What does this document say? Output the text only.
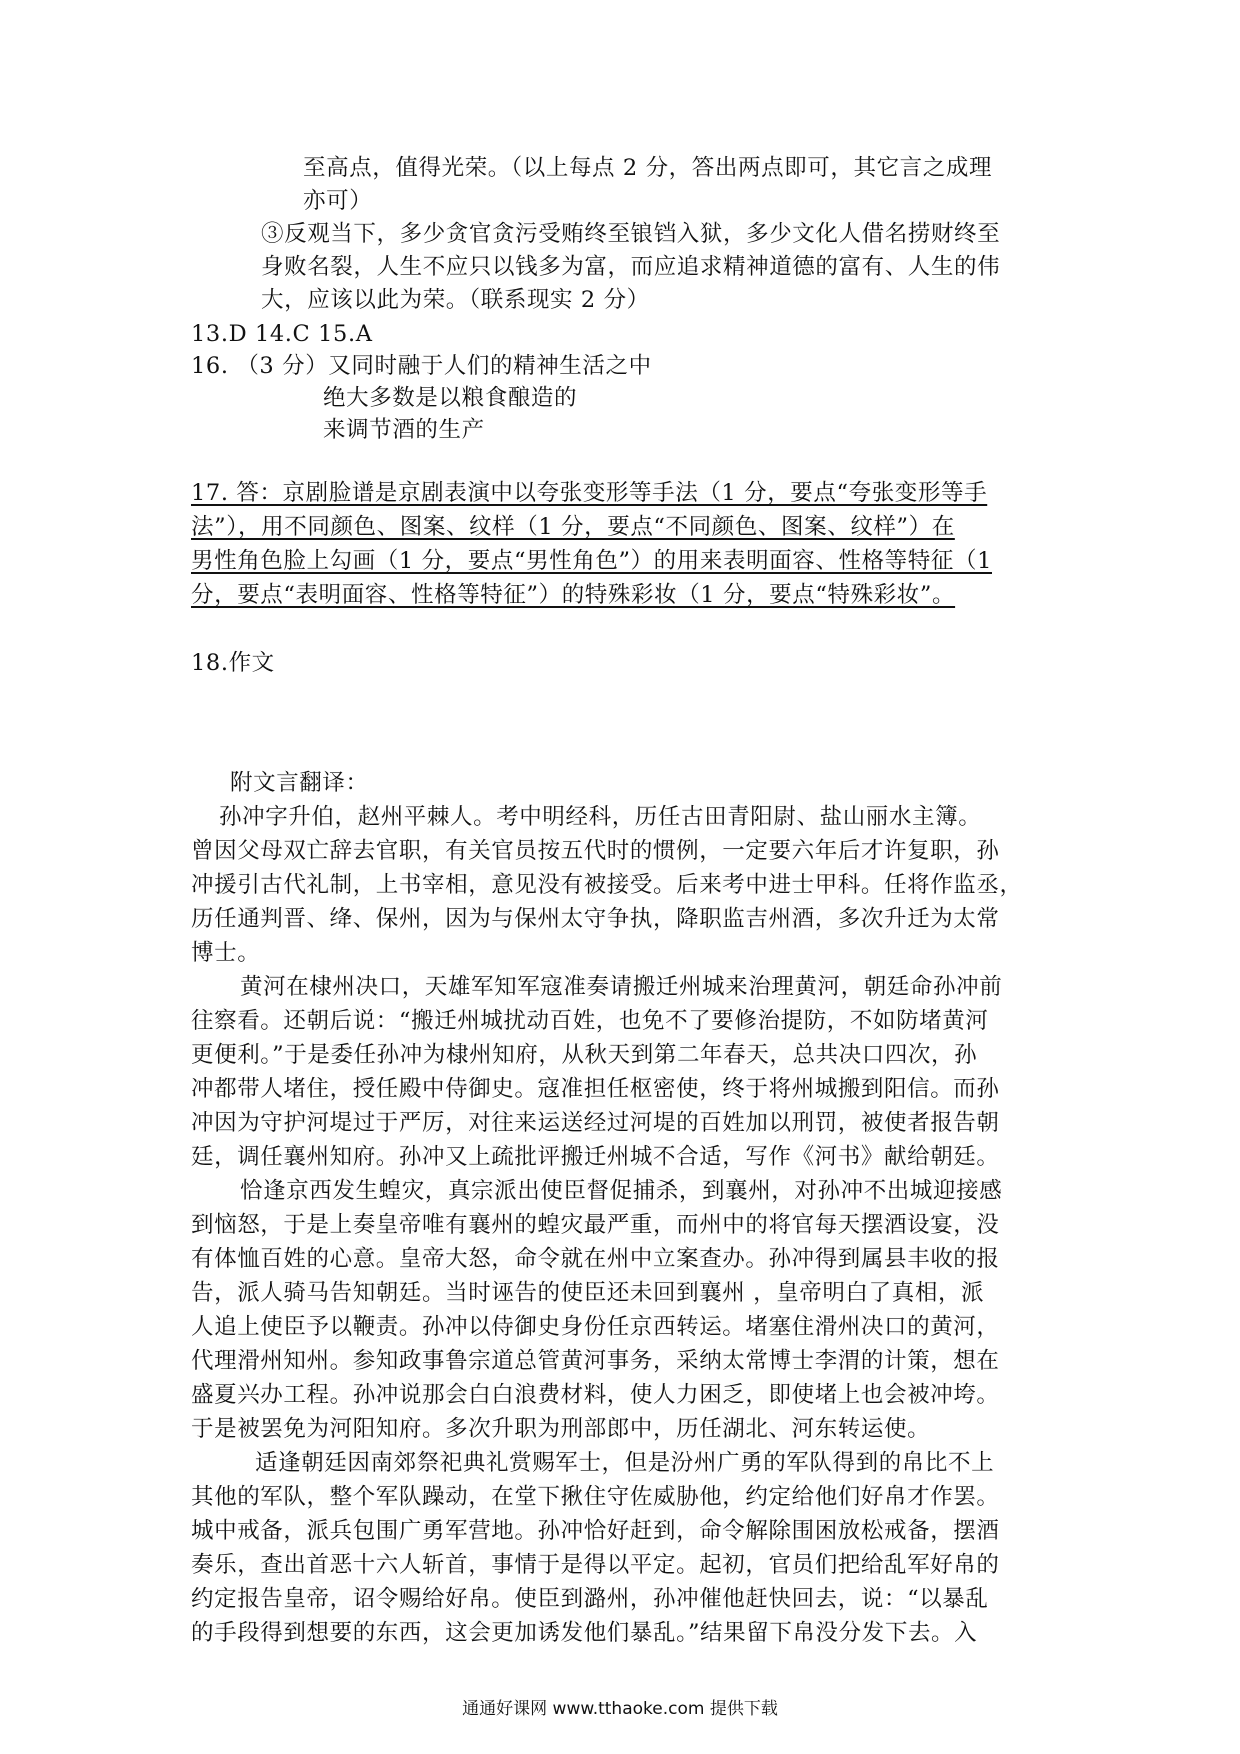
至高点，值得光荣。（以上每点 2 分，答出两点即可，其它言之成理
亦可）
③反观当下，多少贪官贪污受贿终至锒铛入狱，多少文化人借名捞财终至
身败名裂，人生不应只以钱多为富，而应追求精神道德的富有、人生的伟
大，应该以此为荣。（联系现实 2 分）
13.D 14.C 15.A
16. （3 分）又同时融于人们的精神生活之中
绝大多数是以粮食酿造的
来调节酒的生产
17. 答：京剧脸谱是京剧表演中以夸张变形等手法（1 分，要点“夸张变形等手
法”），用不同颜色、图案、纹样（1 分，要点“不同颜色、图案、纹样”）在
男性角色脸上勾画（1 分，要点“男性角色”）的用来表明面容、性格等特征（1
分，要点“表明面容、性格等特征”）的特殊彩妆（1 分，要点“特殊彩妆”。
18.作文
附文言翻译：
孙冲字升伯，赵州平棘人。考中明经科，历任古田青阳尉、盐山丽水主簿。
曾因父母双亡辞去官职，有关官员按五代时的惯例，一定要六年后才许复职，孙
冲援引古代礼制，上书宰相，意见没有被接受。后来考中进士甲科。任将作监丞，
历任通判晋、绛、保州，因为与保州太守争执，降职监吉州酒，多次升迁为太常
博士。
黄河在棣州决口，天雄军知军寇准奏请搬迁州城来治理黄河，朝廷命孙冲前
往察看。还朝后说：“搬迁州城扰动百姓，也免不了要修治提防，不如防堵黄河
更便利。”于是委任孙冲为棣州知府，从秋天到第二年春天，总共决口四次，孙
冲都带人堵住，授任殿中侍御史。寇准担任枢密使，终于将州城搬到阳信。而孙
冲因为守护河堤过于严厉，对往来运送经过河堤的百姓加以刑罚，被使者报告朝
廷，调任襄州知府。孙冲又上疏批评搬迁州城不合适，写作《河书》献给朝廷。
恰逢京西发生蝗灾，真宗派出使臣督促捕杀，到襄州，对孙冲不出城迎接感
到恼怒，于是上奏皇帝唯有襄州的蝗灾最严重，而州中的将官每天摆酒设宴，没
有体恤百姓的心意。皇帝大怒，命令就在州中立案查办。孙冲得到属县丰收的报
告，派人骑马告知朝廷。当时诬告的使臣还未回到襄州 ，皇帝明白了真相，派
人追上使臣予以鞭责。孙冲以侍御史身份任京西转运。堵塞住滑州决口的黄河，
代理滑州知州。参知政事鲁宗道总管黄河事务，采纳太常博士李渭的计策，想在
盛夏兴办工程。孙冲说那会白白浪费材料，使人力困乏，即使堵上也会被冲垮。
于是被罢免为河阳知府。多次升职为刑部郎中，历任湖北、河东转运使。
适逢朝廷因南郊祭祀典礼赏赐军士，但是汾州广勇的军队得到的帛比不上
其他的军队，整个军队躁动，在堂下揪住守佐威胁他，约定给他们好帛才作罢。
城中戒备，派兵包围广勇军营地。孙冲恰好赶到，命令解除围困放松戒备，摆酒
奏乐，查出首恶十六人斩首，事情于是得以平定。起初，官员们把给乱军好帛的
约定报告皇帝，诏令赐给好帛。使臣到潞州，孙冲催他赶快回去，说：“以暴乱
的手段得到想要的东西，这会更加诱发他们暴乱。”结果留下帛没分发下去。入
通通好课网 www.tthaoke.com 提供下载
